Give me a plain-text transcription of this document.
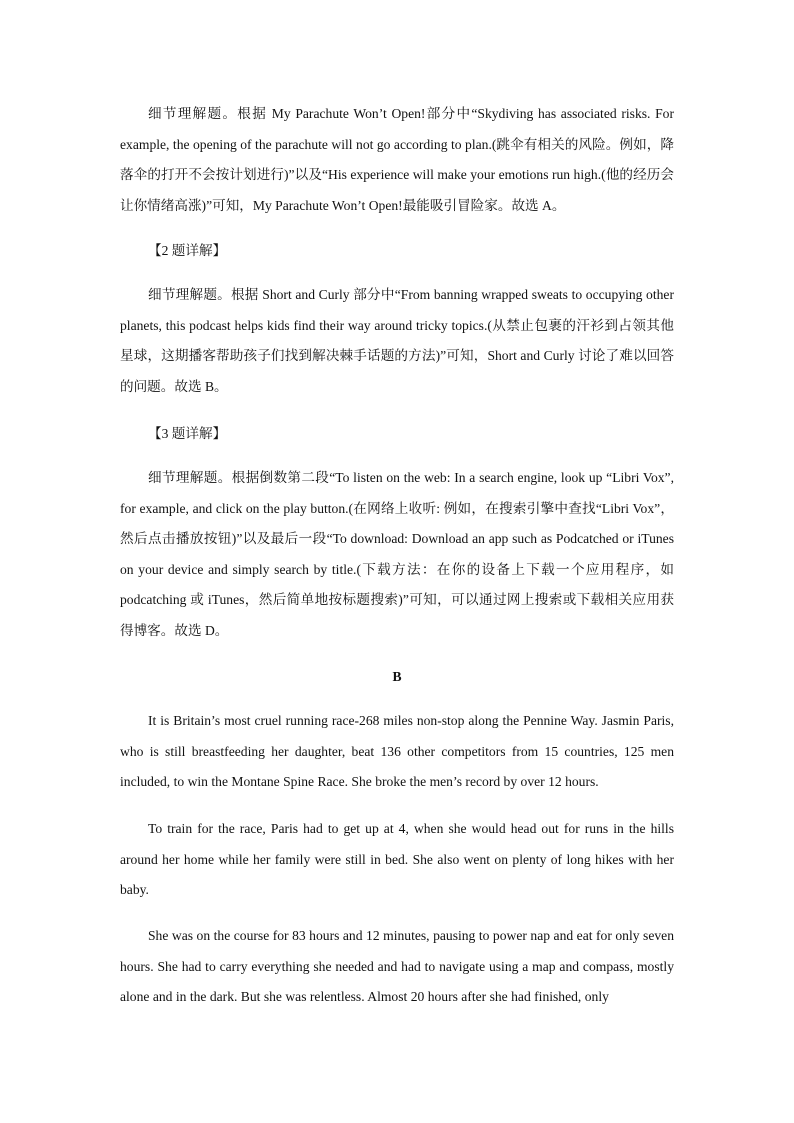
细节理解题。根据 My Parachute Won’t Open!部分中“Skydiving has associated risks. For example, the opening of the parachute will not go according to plan.(跳伞有相关的风险。例如，降落伞的打开不会按计划进行)”以及“His experience will make your emotions run high.(他的经历会让你情绪高涨)”可知，My Parachute Won’t Open!最能吸引冒险家。故选 A。

【2 题详解】

细节理解题。根据 Short and Curly 部分中“From banning wrapped sweats to occupying other planets, this podcast helps kids find their way around tricky topics.(从禁止包裹的汗衫到占领其他星球，这期播客帮助孩子们找到解决棘手话题的方法)”可知，Short and Curly 讨论了难以回答的问题。故选 B。

【3 题详解】

细节理解题。根据倒数第二段“To listen on the web: In a search engine, look up “Libri Vox”, for example, and click on the play button.(在网络上收听: 例如，在搜索引擎中查找“Libri Vox”，然后点击播放按钮)”以及最后一段“To download: Download an app such as Podcatched or iTunes on your device and simply search by title.(下载方法：在你的设备上下载一个应用程序，如 podcatching 或 iTunes，然后简单地按标题搜索)”可知，可以通过网上搜索或下载相关应用获得博客。故选 D。

B

It is Britain’s most cruel running race-268 miles non-stop along the Pennine Way. Jasmin Paris, who is still breastfeeding her daughter, beat 136 other competitors from 15 countries, 125 men included, to win the Montane Spine Race. She broke the men’s record by over 12 hours.

To train for the race, Paris had to get up at 4, when she would head out for runs in the hills around her home while her family were still in bed. She also went on plenty of long hikes with her baby.

She was on the course for 83 hours and 12 minutes, pausing to power nap and eat for only seven hours. She had to carry everything she needed and had to navigate using a map and compass, mostly alone and in the dark. But she was relentless. Almost 20 hours after she had finished, only
